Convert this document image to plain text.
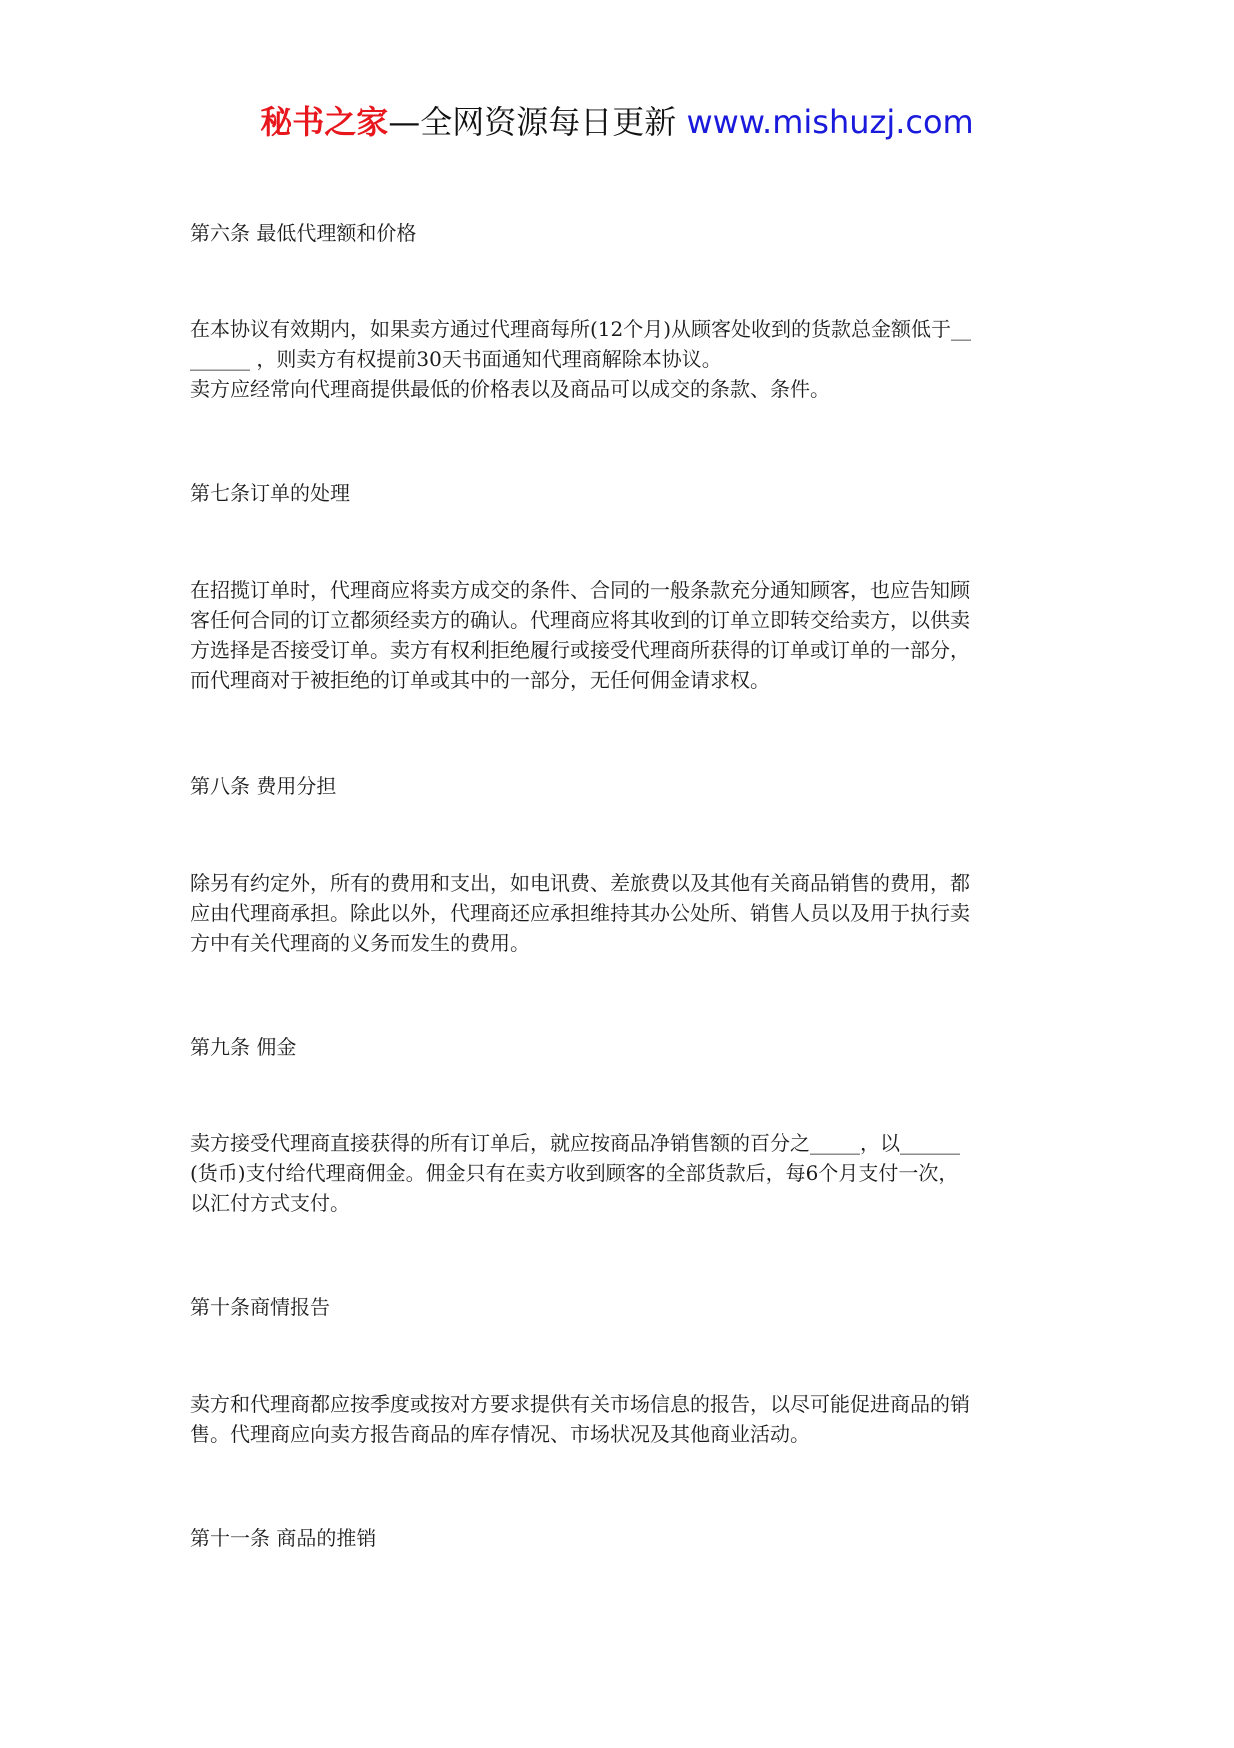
秘书之家—全网资源每日更新 www.mishuzj.com
第六条 最低代理额和价格

在本协议有效期内，如果卖方通过代理商每所(12个月)从顾客处收到的货款总金额低于__

______ ，则卖方有权提前30天书面通知代理商解除本协议。

卖方应经常向代理商提供最低的价格表以及商品可以成交的条款、条件。

第七条订单的处理

在招揽订单时，代理商应将卖方成交的条件、合同的一般条款充分通知顾客，也应告知顾

客任何合同的订立都须经卖方的确认。代理商应将其收到的订单立即转交给卖方，以供卖

方选择是否接受订单。卖方有权利拒绝履行或接受代理商所获得的订单或订单的一部分，

而代理商对于被拒绝的订单或其中的一部分，无任何佣金请求权。

第八条 费用分担

除另有约定外，所有的费用和支出，如电讯费、差旅费以及其他有关商品销售的费用，都

应由代理商承担。除此以外，代理商还应承担维持其办公处所、销售人员以及用于执行卖

方中有关代理商的义务而发生的费用。

第九条 佣金

卖方接受代理商直接获得的所有订单后，就应按商品净销售额的百分之_____，以______

(货币)支付给代理商佣金。佣金只有在卖方收到顾客的全部货款后，每6个月支付一次，

以汇付方式支付。

第十条商情报告

卖方和代理商都应按季度或按对方要求提供有关市场信息的报告，以尽可能促进商品的销

售。代理商应向卖方报告商品的库存情况、市场状况及其他商业活动。

第十一条 商品的推销
